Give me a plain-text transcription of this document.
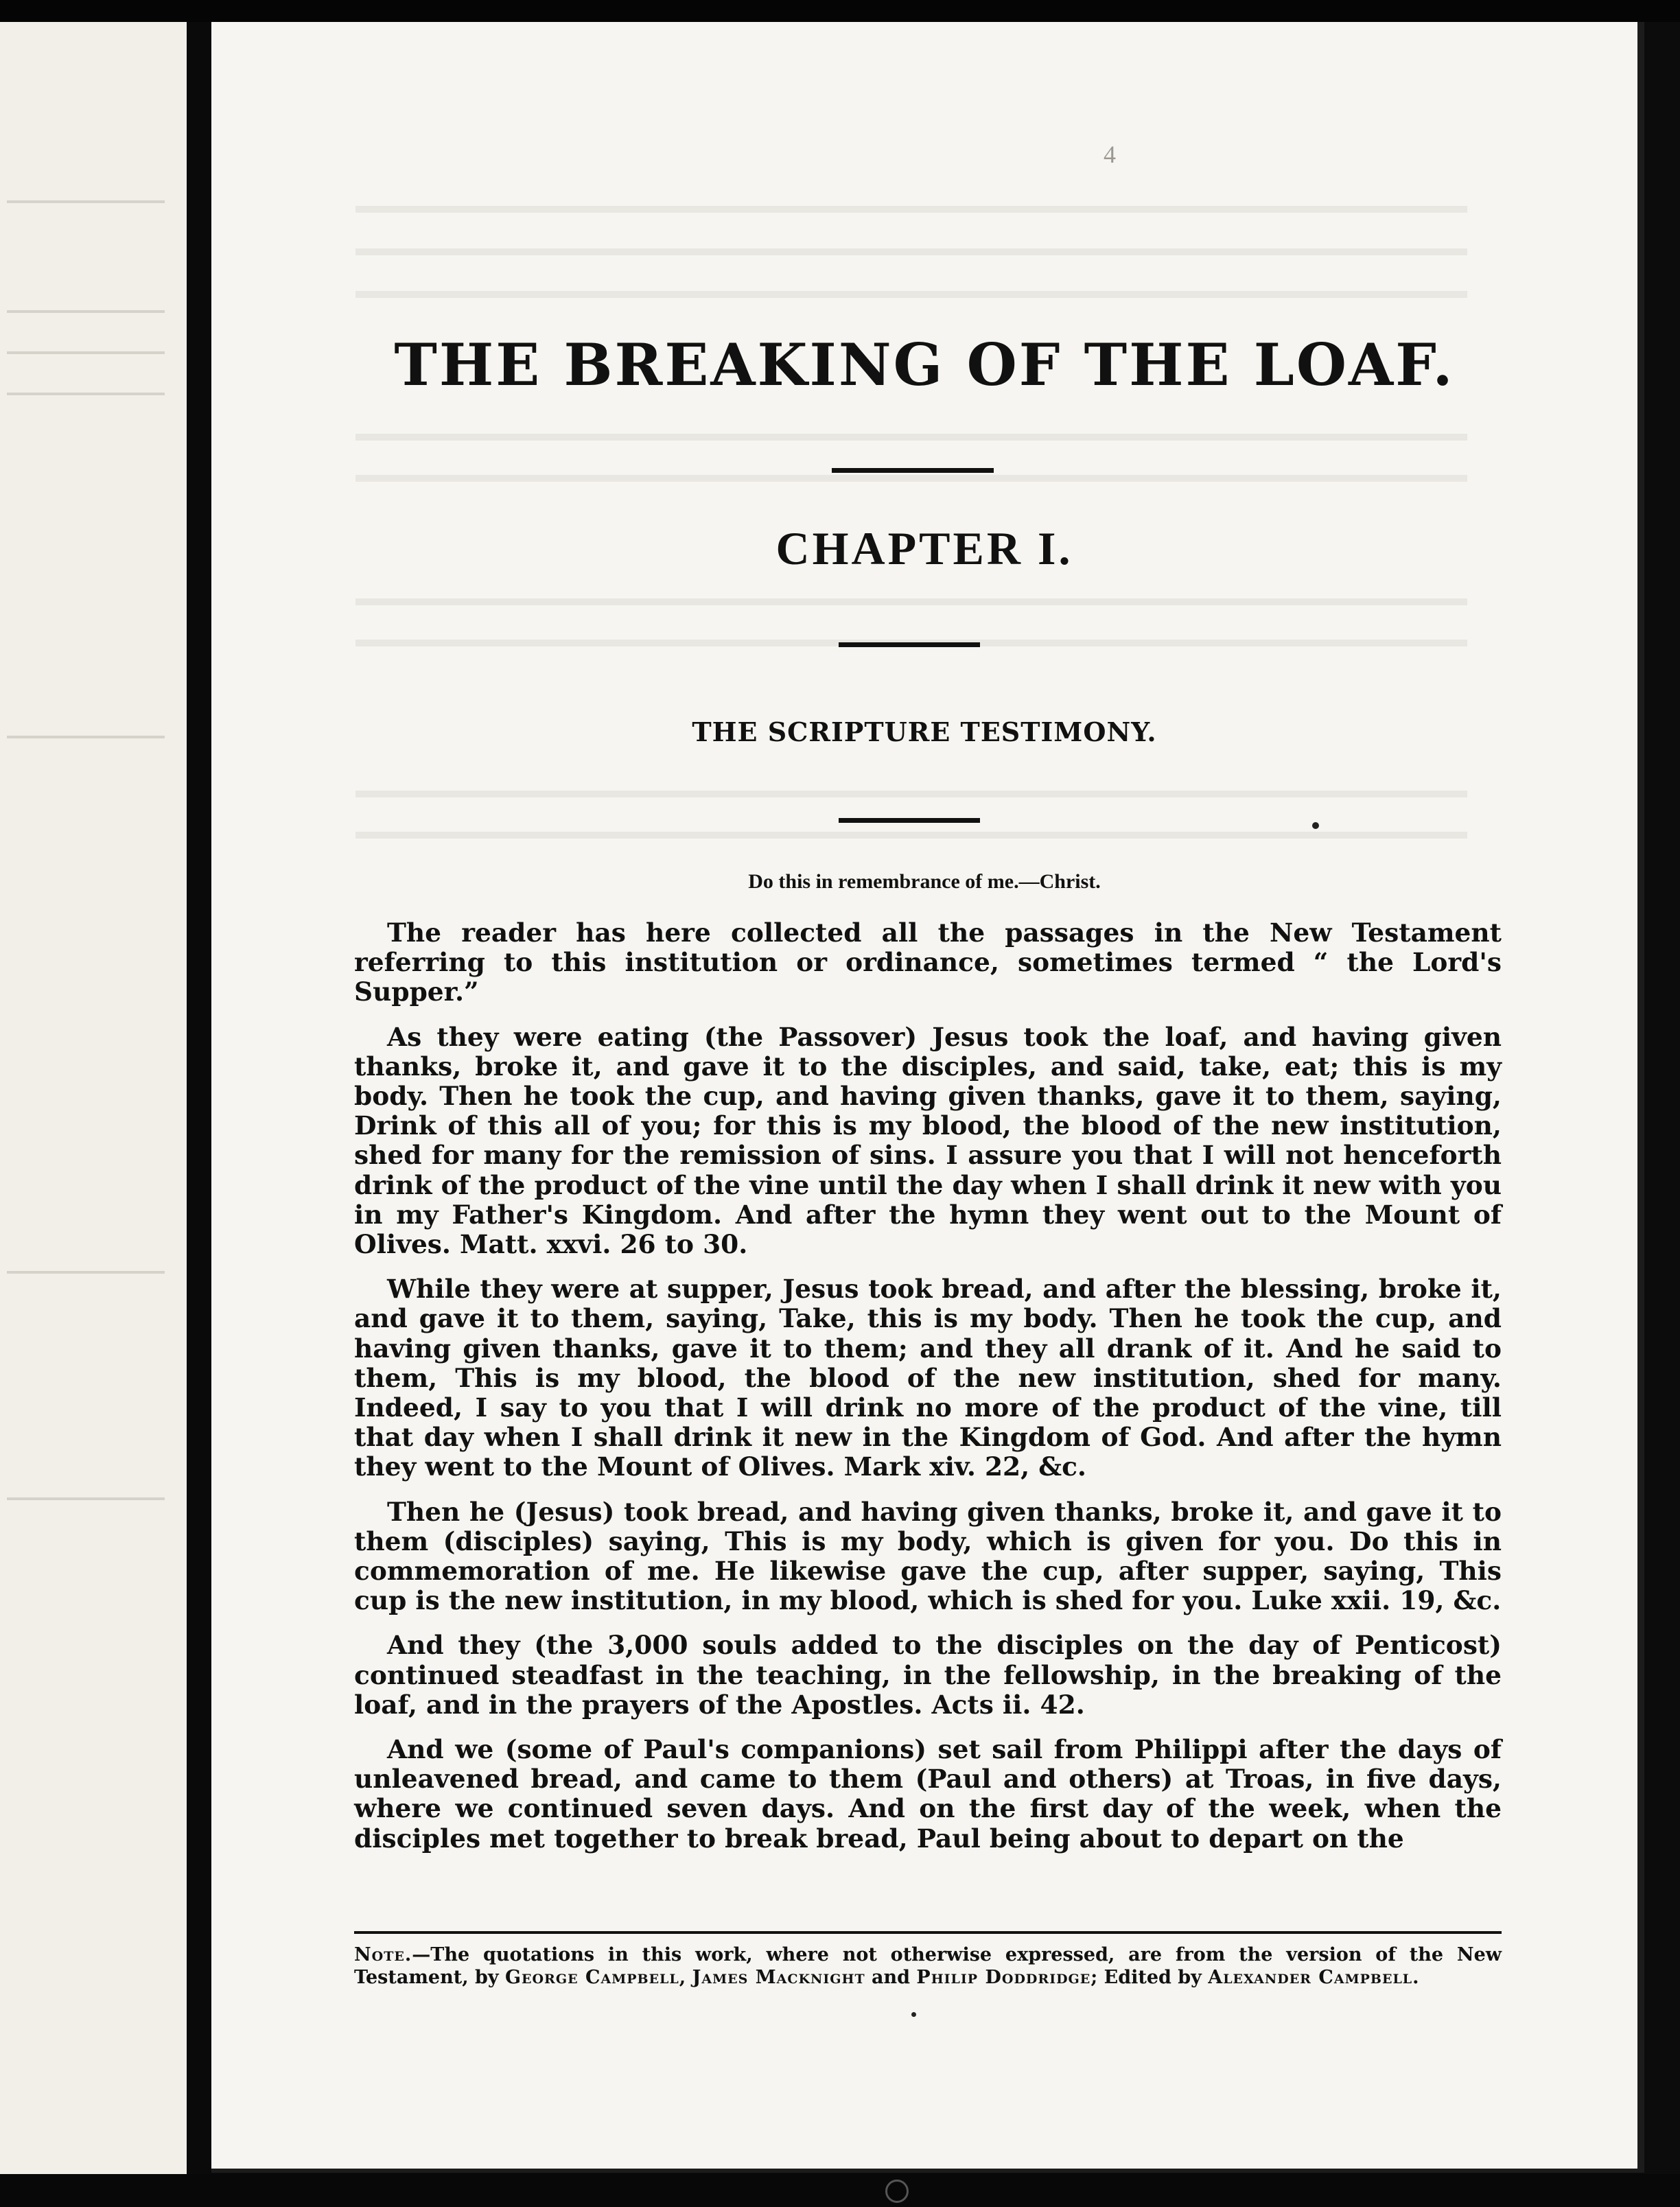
4
THE BREAKING OF THE LOAF.
CHAPTER I.
THE SCRIPTURE TESTIMONY.
Do this in remembrance of me.—Christ.

The reader has here collected all the passages in the New Testament referring to this institution or ordinance, sometimes termed “ the Lord's Supper.”

As they were eating (the Passover) Jesus took the loaf, and having given thanks, broke it, and gave it to the disciples, and said, take, eat; this is my body. Then he took the cup, and having given thanks, gave it to them, saying, Drink of this all of you; for this is my blood, the blood of the new institution, shed for many for the remission of sins. I assure you that I will not henceforth drink of the product of the vine until the day when I shall drink it new with you in my Father's Kingdom. And after the hymn they went out to the Mount of Olives. Matt. xxvi. 26 to 30.

While they were at supper, Jesus took bread, and after the blessing, broke it, and gave it to them, saying, Take, this is my body. Then he took the cup, and having given thanks, gave it to them; and they all drank of it. And he said to them, This is my blood, the blood of the new institution, shed for many. Indeed, I say to you that I will drink no more of the product of the vine, till that day when I shall drink it new in the Kingdom of God. And after the hymn they went to the Mount of Olives. Mark xiv. 22, &c.

Then he (Jesus) took bread, and having given thanks, broke it, and gave it to them (disciples) saying, This is my body, which is given for you. Do this in commemoration of me. He likewise gave the cup, after supper, saying, This cup is the new institution, in my blood, which is shed for you. Luke xxii. 19, &c.

And they (the 3,000 souls added to the disciples on the day of Penticost) continued steadfast in the teaching, in the fellowship, in the breaking of the loaf, and in the prayers of the Apostles. Acts ii. 42.

And we (some of Paul's companions) set sail from Philippi after the days of unleavened bread, and came to them (Paul and others) at Troas, in five days, where we continued seven days. And on the first day of the week, when the disciples met together to break bread, Paul being about to depart on the

Note.—The quotations in this work, where not otherwise expressed, are from the version of the New Testament, by George Campbell, James Macknight and Philip Doddridge; Edited by Alexander Campbell.
